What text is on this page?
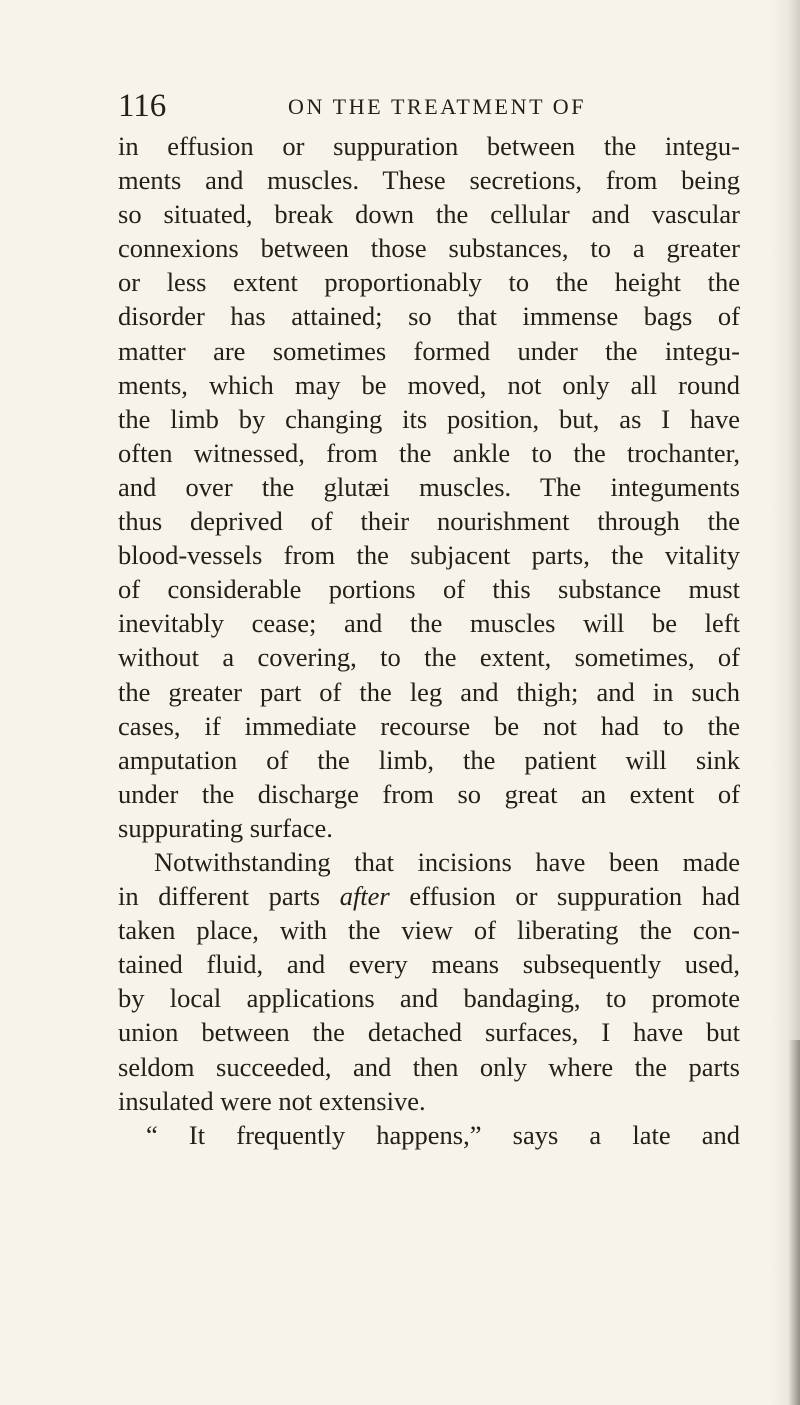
116	ON THE TREATMENT OF
in effusion or suppuration between the integu-
ments and muscles. These secretions, from being
so situated, break down the cellular and vascular
connexions between those substances, to a greater
or less extent proportionably to the height the
disorder has attained; so that immense bags of
matter are sometimes formed under the integu-
ments, which may be moved, not only all round
the limb by changing its position, but, as I have
often witnessed, from the ankle to the trochanter,
and over the glutæi muscles. The integuments
thus deprived of their nourishment through the
blood-vessels from the subjacent parts, the vitality
of considerable portions of this substance must
inevitably cease; and the muscles will be left
without a covering, to the extent, sometimes, of
the greater part of the leg and thigh; and in such
cases, if immediate recourse be not had to the
amputation of the limb, the patient will sink
under the discharge from so great an extent of
suppurating surface.
Notwithstanding that incisions have been made
in different parts after effusion or suppuration had
taken place, with the view of liberating the con-
tained fluid, and every means subsequently used,
by local applications and bandaging, to promote
union between the detached surfaces, I have but
seldom succeeded, and then only where the parts
insulated were not extensive.
“ It frequently happens,” says a late and
